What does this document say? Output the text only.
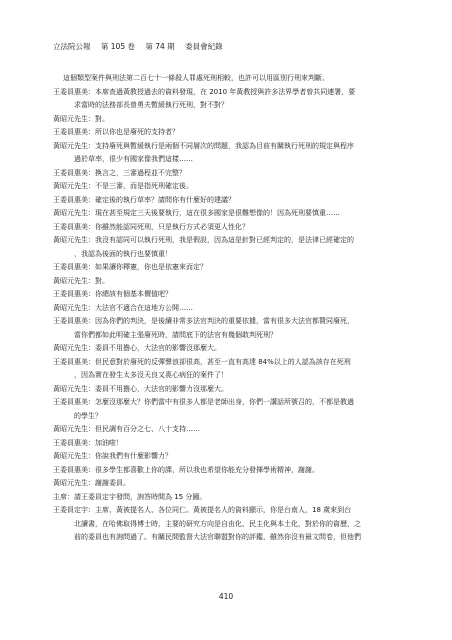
立法院公報 第 105 卷 第 74 期 委員會紀錄
這個類型案件與刑法第二百七十一條殺人罪處死刑相較，也許可以用區別行刑來判斷。
王委員惠美：本席查過黃教授過去的資料發現，在 2010 年黃教授與許多法界學者曾共同連署，要
求當時的法務部長曾勇夫暫緩執行死刑，對不對？
黃昭元先生：對。
王委員惠美：所以你也是廢死的支持者？
黃昭元先生：支持廢死與暫緩執行是兩個不同層次的問題，我認為目前有關執行死刑的規定與程序
過於草率，很少有國家像我們這樣……
王委員惠美：換言之，三審過程並不完整？
黃昭元先生：不是三審，而是指死刑確定後。
王委員惠美：確定後的執行草率？請問你有什麼好的建議？
黃昭元先生：現在甚至規定三天後要執行，這在很多國家是很難想像的！因為死刑要慎重……
王委員惠美：你雖然能認同死刑，只是執行方式必須更人性化？
黃昭元先生：我沒有認同可以執行死刑，我是假設，因為這是針對已經判定的，是法律已經確定的
，我認為後面的執行也要慎重！
王委員惠美：如果讓你釋憲，你也是依憲來而定？
黃昭元先生：對。
王委員惠美：你總該有個基本價值吧？
黃昭元先生：大法官不適合在這地方公開……
王委員惠美：因為你們的判決，是後續非常多法官判決的重要依據，當有很多大法官都贊同廢死，
當你們都如此明確主張廢死時，請問底下的法官有幾個敢判死刑？
黃昭元先生：委員不用擔心，大法官的影響沒那麼大。
王委員惠美：但民意對於廢死的反彈聲浪卻很高，甚至一直有高達 84%以上的人認為該存在死刑
，因為實在發生太多沒天良又喪心病狂的案件了！
黃昭元先生：委員不用擔心，大法官的影響力沒那麼大。
王委員惠美：怎麼沒那麼大？你們當中有很多人都是老師出身，你們一講話所號召的，不都是教過
的學生？
黃昭元先生：但民調有百分之七、八十支持……
王委員惠美：加油啦！
黃昭元先生：你說我們有什麼影響力？
王委員惠美：很多學生都喜歡上你的課，所以我也希望你能充分發揮學術精神，謝謝。
黃昭元先生：謝謝委員。
主席：請王委員定宇發問，詢答時間為 15 分鐘。
王委員定宇：主席、黃被提名人、各位同仁。黃被提名人的資料顯示，你是台南人，18 歲來到台
北讀書，在哈佛取得博士時，主要的研究方向是自由化、民主化與本土化，對於你的資歷，之
前的委員也有詢問過了。有關民間監督大法官聯盟對你的評鑑，雖然你沒有最文問卷，但他們
410
